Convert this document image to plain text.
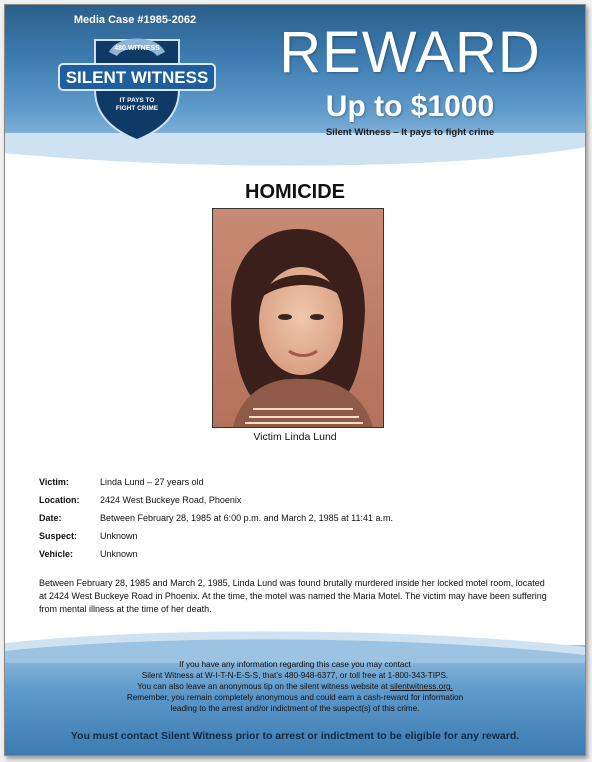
Media Case #1985-2062
480.WITNESS
SILENT WITNESS
IT PAYS TO
FIGHT CRIME
REWARD
Up to $1000
Silent Witness – It pays to fight crime
HOMICIDE
Victim Linda Lund
Victim:	Linda Lund – 27 years old
Location: 2424 West Buckeye Road, Phoenix
Date:	Between February 28, 1985 at 6:00 p.m. and March 2, 1985 at 11:41 a.m.
Suspect:	Unknown
Vehicle:	Unknown
Between February 28, 1985 and March 2, 1985, Linda Lund was found brutally murdered inside her locked motel room, located at 2424 West Buckeye Road in Phoenix. At the time, the motel was named the Maria Motel. The victim may have been suffering from mental illness at the time of her death.
If you have any information regarding this case you may contact
Silent Witness at W-I-T-N-E-S-S, that’s 480-948-6377, or toll free at 1-800-343-TIPS.
You can also leave an anonymous tip on the silent witness website at silentwitness.org.
Remember, you remain completely anonymous and could earn a cash-reward for information
leading to the arrest and/or indictment of the suspect(s) of this crime.
You must contact Silent Witness prior to arrest or indictment to be eligible for any reward.
